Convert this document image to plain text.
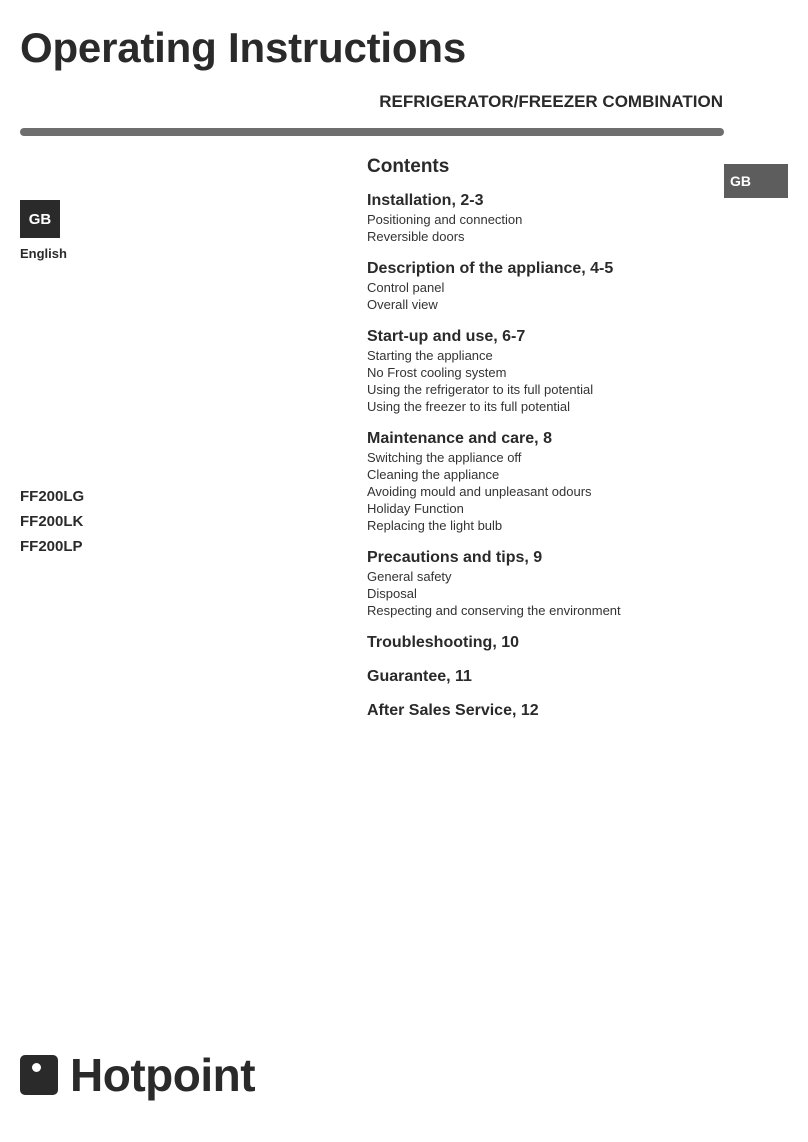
Operating Instructions
REFRIGERATOR/FREEZER COMBINATION
GB
GB
English
FF200LG
FF200LK
FF200LP
Contents
Installation, 2-3
Positioning and connection
Reversible doors
Description of the appliance, 4-5
Control panel
Overall view
Start-up and use, 6-7
Starting the appliance
No Frost cooling system
Using the refrigerator to its full potential
Using the freezer to its full potential
Maintenance and care, 8
Switching the appliance off
Cleaning the appliance
Avoiding mould and unpleasant odours
Holiday Function
Replacing the light bulb
Precautions and tips, 9
General safety
Disposal
Respecting and conserving the environment
Troubleshooting, 10
Guarantee, 11
After Sales Service, 12
Hotpoint
